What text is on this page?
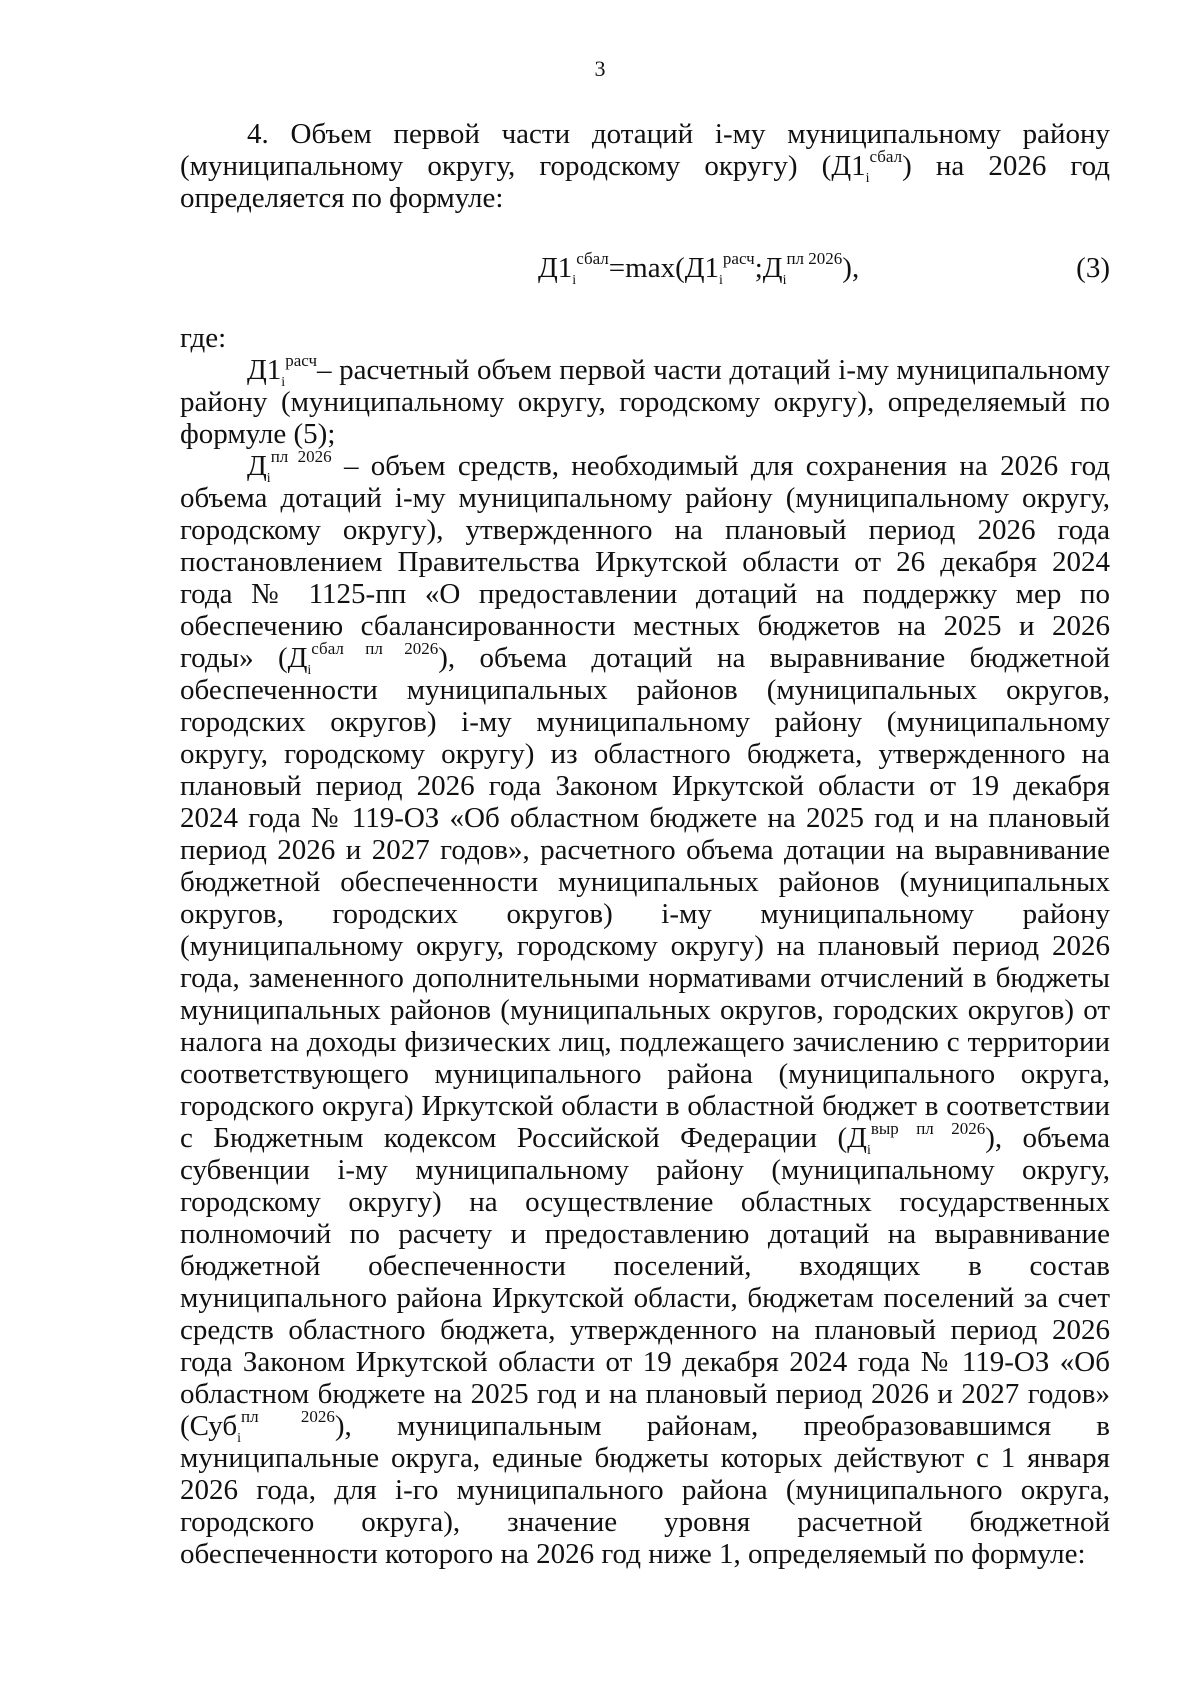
3

4. Объем первой части дотаций i-му муниципальному району (муниципальному округу, городскому округу) $(Д1_i^{сбал})$ на 2026 год определяется по формуле:

$Д1_i^{сбал}=\max(Д1_i^{расч};Д_i^{пл 2026})$,	(3)

где:

$Д1_i^{расч}-$ расчетный объем первой части дотаций i-му муниципальному району (муниципальному округу, городскому округу), определяемый по формуле (5);

$Д_i^{пл 2026}$ – объем средств, необходимый для сохранения на 2026 год объема дотаций i-му муниципальному району (муниципальному округу, городскому округу), утвержденного на плановый период 2026 года постановлением Правительства Иркутской области от 26 декабря 2024 года № 1125-пп «О предоставлении дотаций на поддержку мер по обеспечению сбалансированности местных бюджетов на 2025 и 2026 годы» $(Д_i^{сбал пл 2026})$, объема дотаций на выравнивание бюджетной обеспеченности муниципальных районов (муниципальных округов, городских округов) i-му муниципальному району (муниципальному округу, городскому округу) из областного бюджета, утвержденного на плановый период 2026 года Законом Иркутской области от 19 декабря 2024 года № 119-ОЗ «Об областном бюджете на 2025 год и на плановый период 2026 и 2027 годов», расчетного объема дотации на выравнивание бюджетной обеспеченности муниципальных районов (муниципальных округов, городских округов) i-му муниципальному району (муниципальному округу, городскому округу) на плановый период 2026 года, замененного дополнительными нормативами отчислений в бюджеты муниципальных районов (муниципальных округов, городских округов) от налога на доходы физических лиц, подлежащего зачислению с территории соответствующего муниципального района (муниципального округа, городского округа) Иркутской области в областной бюджет в соответствии с Бюджетным кодексом Российской Федерации $(Д_i^{выр пл 2026})$, объема субвенции i-му муниципальному району (муниципальному округу, городскому округу) на осуществление областных государственных полномочий по расчету и предоставлению дотаций на выравнивание бюджетной обеспеченности поселений, входящих в состав муниципального района Иркутской области, бюджетам поселений за счет средств областного бюджета, утвержденного на плановый период 2026 года Законом Иркутской области от 19 декабря 2024 года № 119-ОЗ «Об областном бюджете на 2025 год и на плановый период 2026 и 2027 годов» (Суб$_i^{пл 2026}$), муниципальным районам, преобразовавшимся в муниципальные округа, единые бюджеты которых действуют с 1 января 2026 года, для i-го муниципального района (муниципального округа, городского округа), значение уровня расчетной бюджетной обеспеченности которого на 2026 год ниже 1, определяемый по формуле:
